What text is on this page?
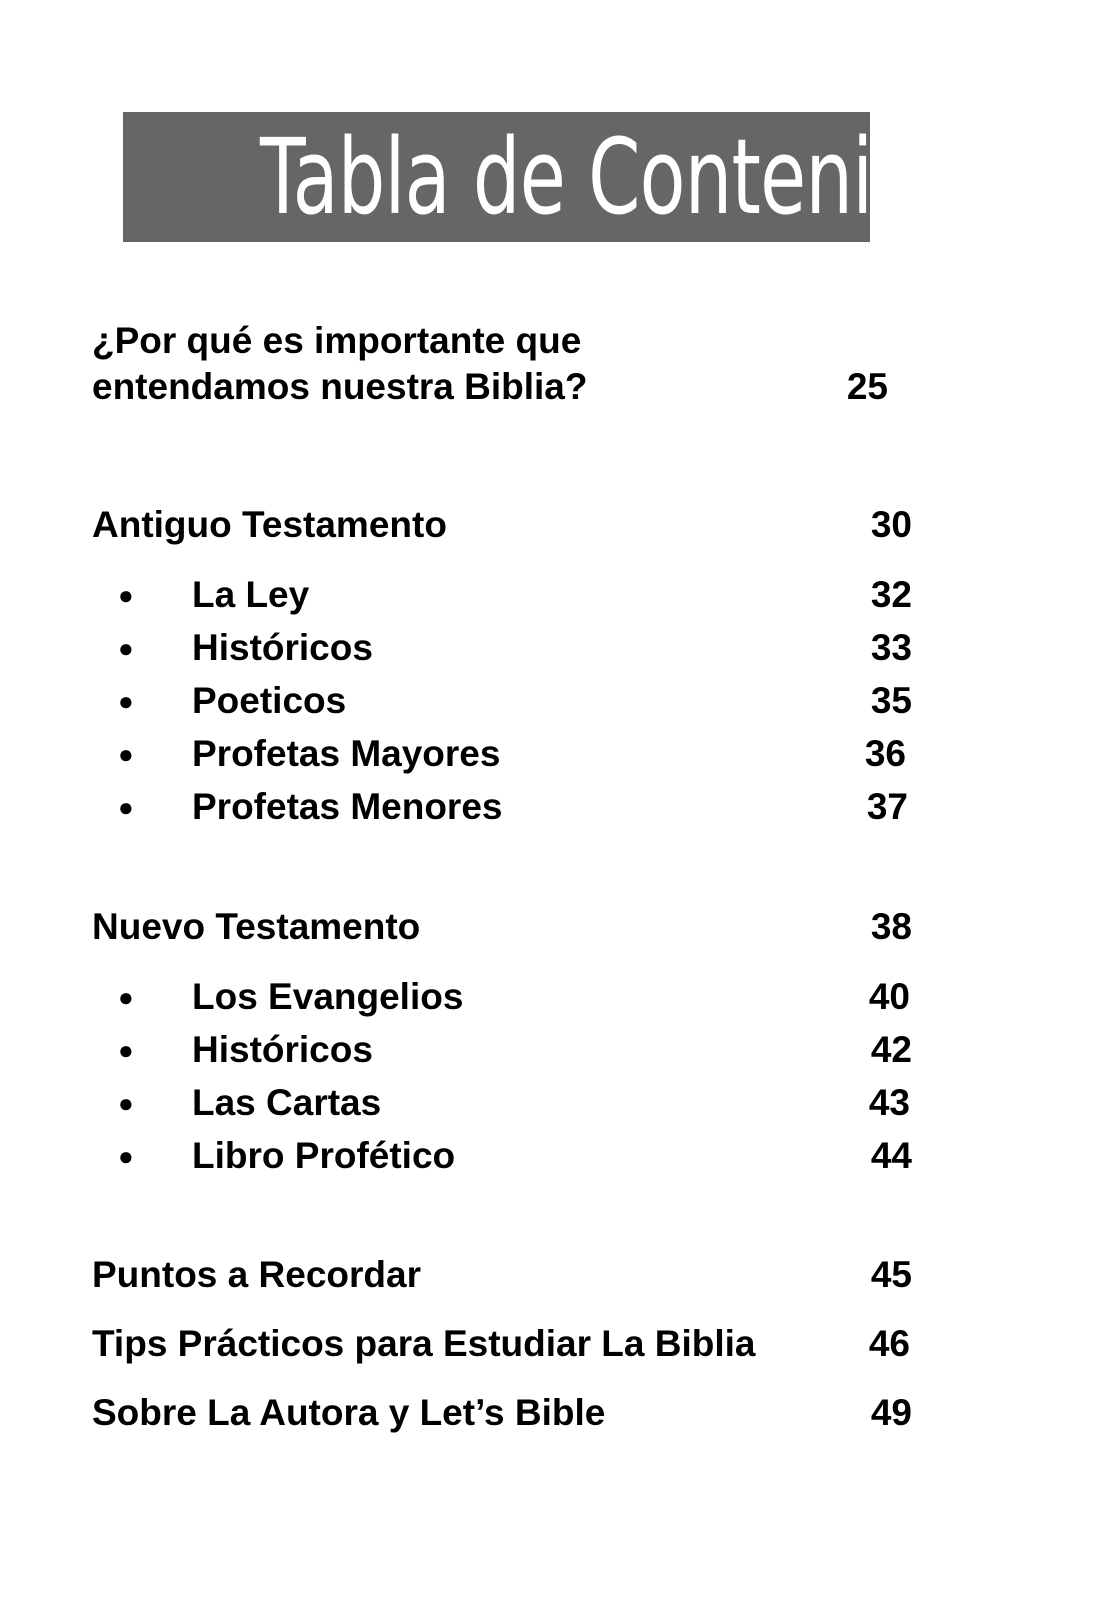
Tabla de Contenido
¿Por qué es importante que
entendamos nuestra Biblia?	25
Antiguo Testamento	30
● La Ley	32
● Históricos	33
● Poeticos	35
● Profetas Mayores	36
● Profetas Menores	37
Nuevo Testamento	38
● Los Evangelios	40
● Históricos	42
● Las Cartas	43
● Libro Profético	44
Puntos a Recordar	45
Tips Prácticos para Estudiar La Biblia	46
Sobre La Autora y Let’s Bible	49
